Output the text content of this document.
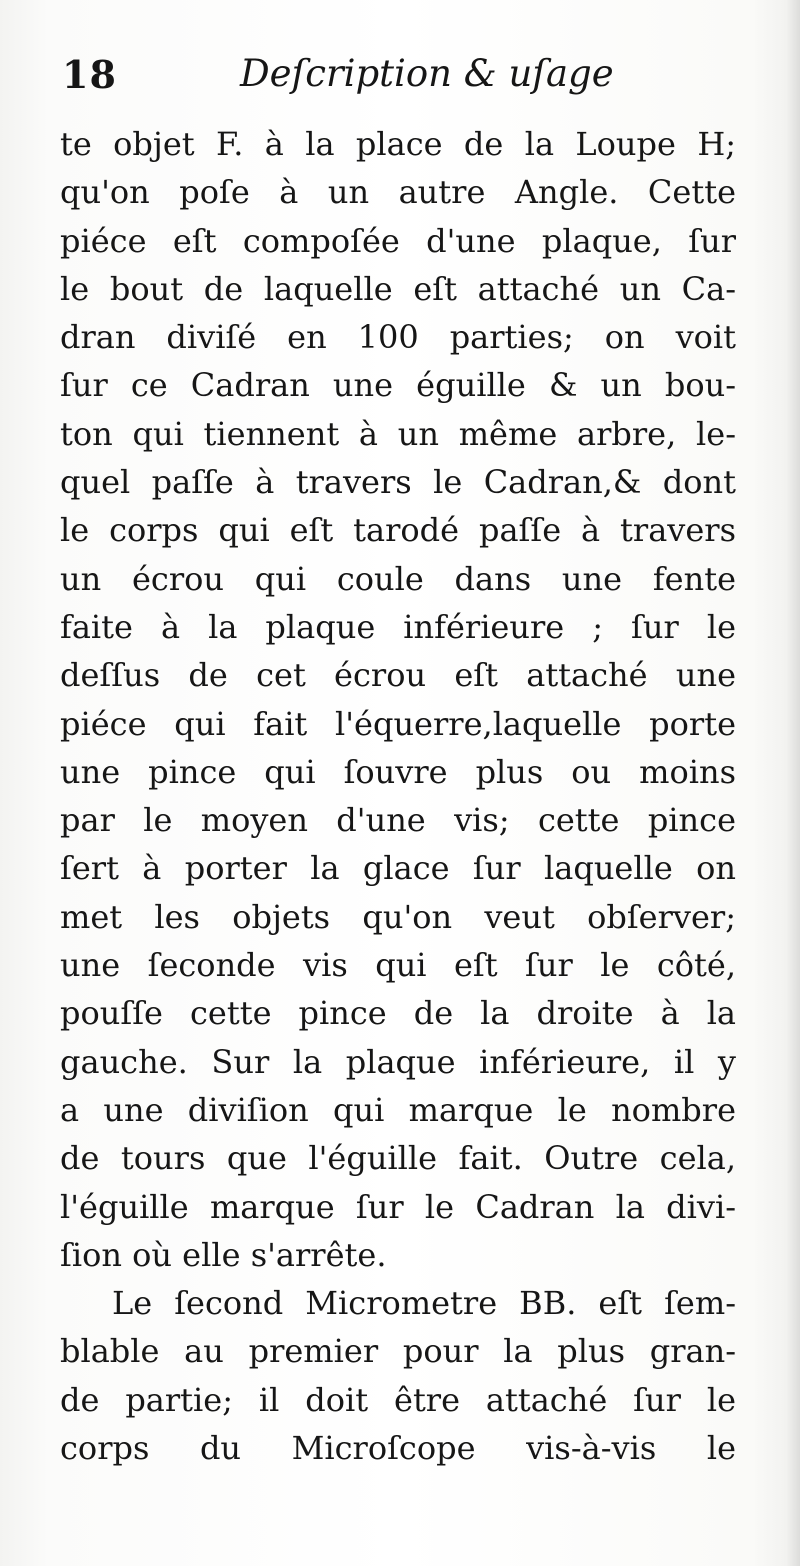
18	Deſcription & uſage
te objet F. à la place de la Loupe H;
qu'on poſe à un autre Angle. Cette
piéce eſt compoſée d'une plaque, ſur
le bout de laquelle eſt attaché un Ca-
dran diviſé en 100 parties; on voit
ſur ce Cadran une éguille & un bou-
ton qui tiennent à un même arbre, le-
quel paſſe à travers le Cadran,& dont
le corps qui eſt tarodé paſſe à travers
un écrou qui coule dans une fente
faite à la plaque inférieure ; ſur le
deſſus de cet écrou eſt attaché une
piéce qui fait l'équerre,laquelle porte
une pince qui ſouvre plus ou moins
par le moyen d'une vis; cette pince
ſert à porter la glace ſur laquelle on
met les objets qu'on veut obſerver;
une ſeconde vis qui eſt ſur le côté,
pouſſe cette pince de la droite à la
gauche. Sur la plaque inférieure, il y
a une diviſion qui marque le nombre
de tours que l'éguille fait. Outre cela,
l'éguille marque ſur le Cadran la divi-
ſion où elle s'arrête.
Le ſecond Micrometre BB. eſt ſem-
blable au premier pour la plus gran-
de partie; il doit être attaché ſur le
corps du Microſcope vis-à-vis le
